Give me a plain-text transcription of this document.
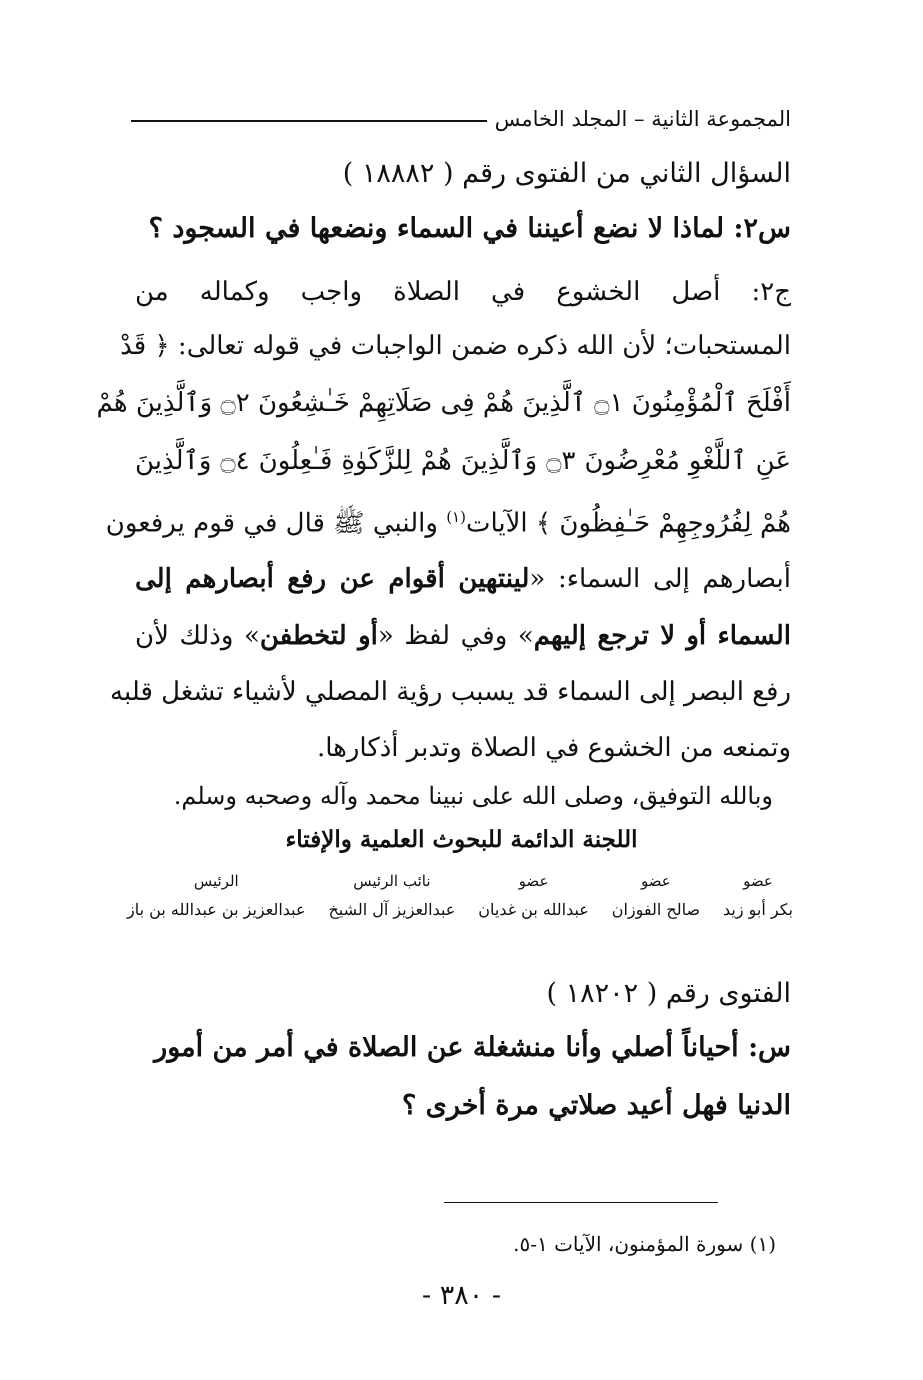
المجموعة الثانية – المجلد الخامس
السؤال الثاني من الفتوى رقم ( ١٨٨٨٢ )
س٢: لماذا لا نضع أعيننا في السماء ونضعها في السجود ؟
ج٢: أصل الخشوع في الصلاة واجب وكماله من
المستحبات؛ لأن الله ذكره ضمن الواجبات في قوله تعالى: ﴿ قَدْ
أَفْلَحَ ٱلْمُؤْمِنُونَ ۝١ ٱلَّذِينَ هُمْ فِى صَلَاتِهِمْ خَـٰشِعُونَ ۝٢ وَٱلَّذِينَ هُمْ
عَنِ ٱللَّغْوِ مُعْرِضُونَ ۝٣ وَٱلَّذِينَ هُمْ لِلزَّكَوٰةِ فَـٰعِلُونَ ۝٤ وَٱلَّذِينَ
هُمْ لِفُرُوجِهِمْ حَـٰفِظُونَ ﴾ الآيات$^{(١)}$ والنبي ﷺ قال في قوم يرفعون
أبصارهم إلى السماء: «لينتهين أقوام عن رفع أبصارهم إلى
السماء أو لا ترجع إليهم» وفي لفظ «أو لتخطفن» وذلك لأن
رفع البصر إلى السماء قد يسبب رؤية المصلي لأشياء تشغل قلبه
وتمنعه من الخشوع في الصلاة وتدبر أذكارها.
وبالله التوفيق، وصلى الله على نبينا محمد وآله وصحبه وسلم.
اللجنة الدائمة للبحوث العلمية والإفتاء
عضو
بكر أبو زيد
عضو
صالح الفوزان
عضو
عبدالله بن غديان
نائب الرئيس
عبدالعزيز آل الشيخ
الرئيس
عبدالعزيز بن عبدالله بن باز
الفتوى رقم ( ١٨٢٠٢ )
س: أحياناً أصلي وأنا منشغلة عن الصلاة في أمر من أمور
الدنيا فهل أعيد صلاتي مرة أخرى ؟
(١) سورة المؤمنون، الآيات ١-٥.
- ٣٨٠ -
